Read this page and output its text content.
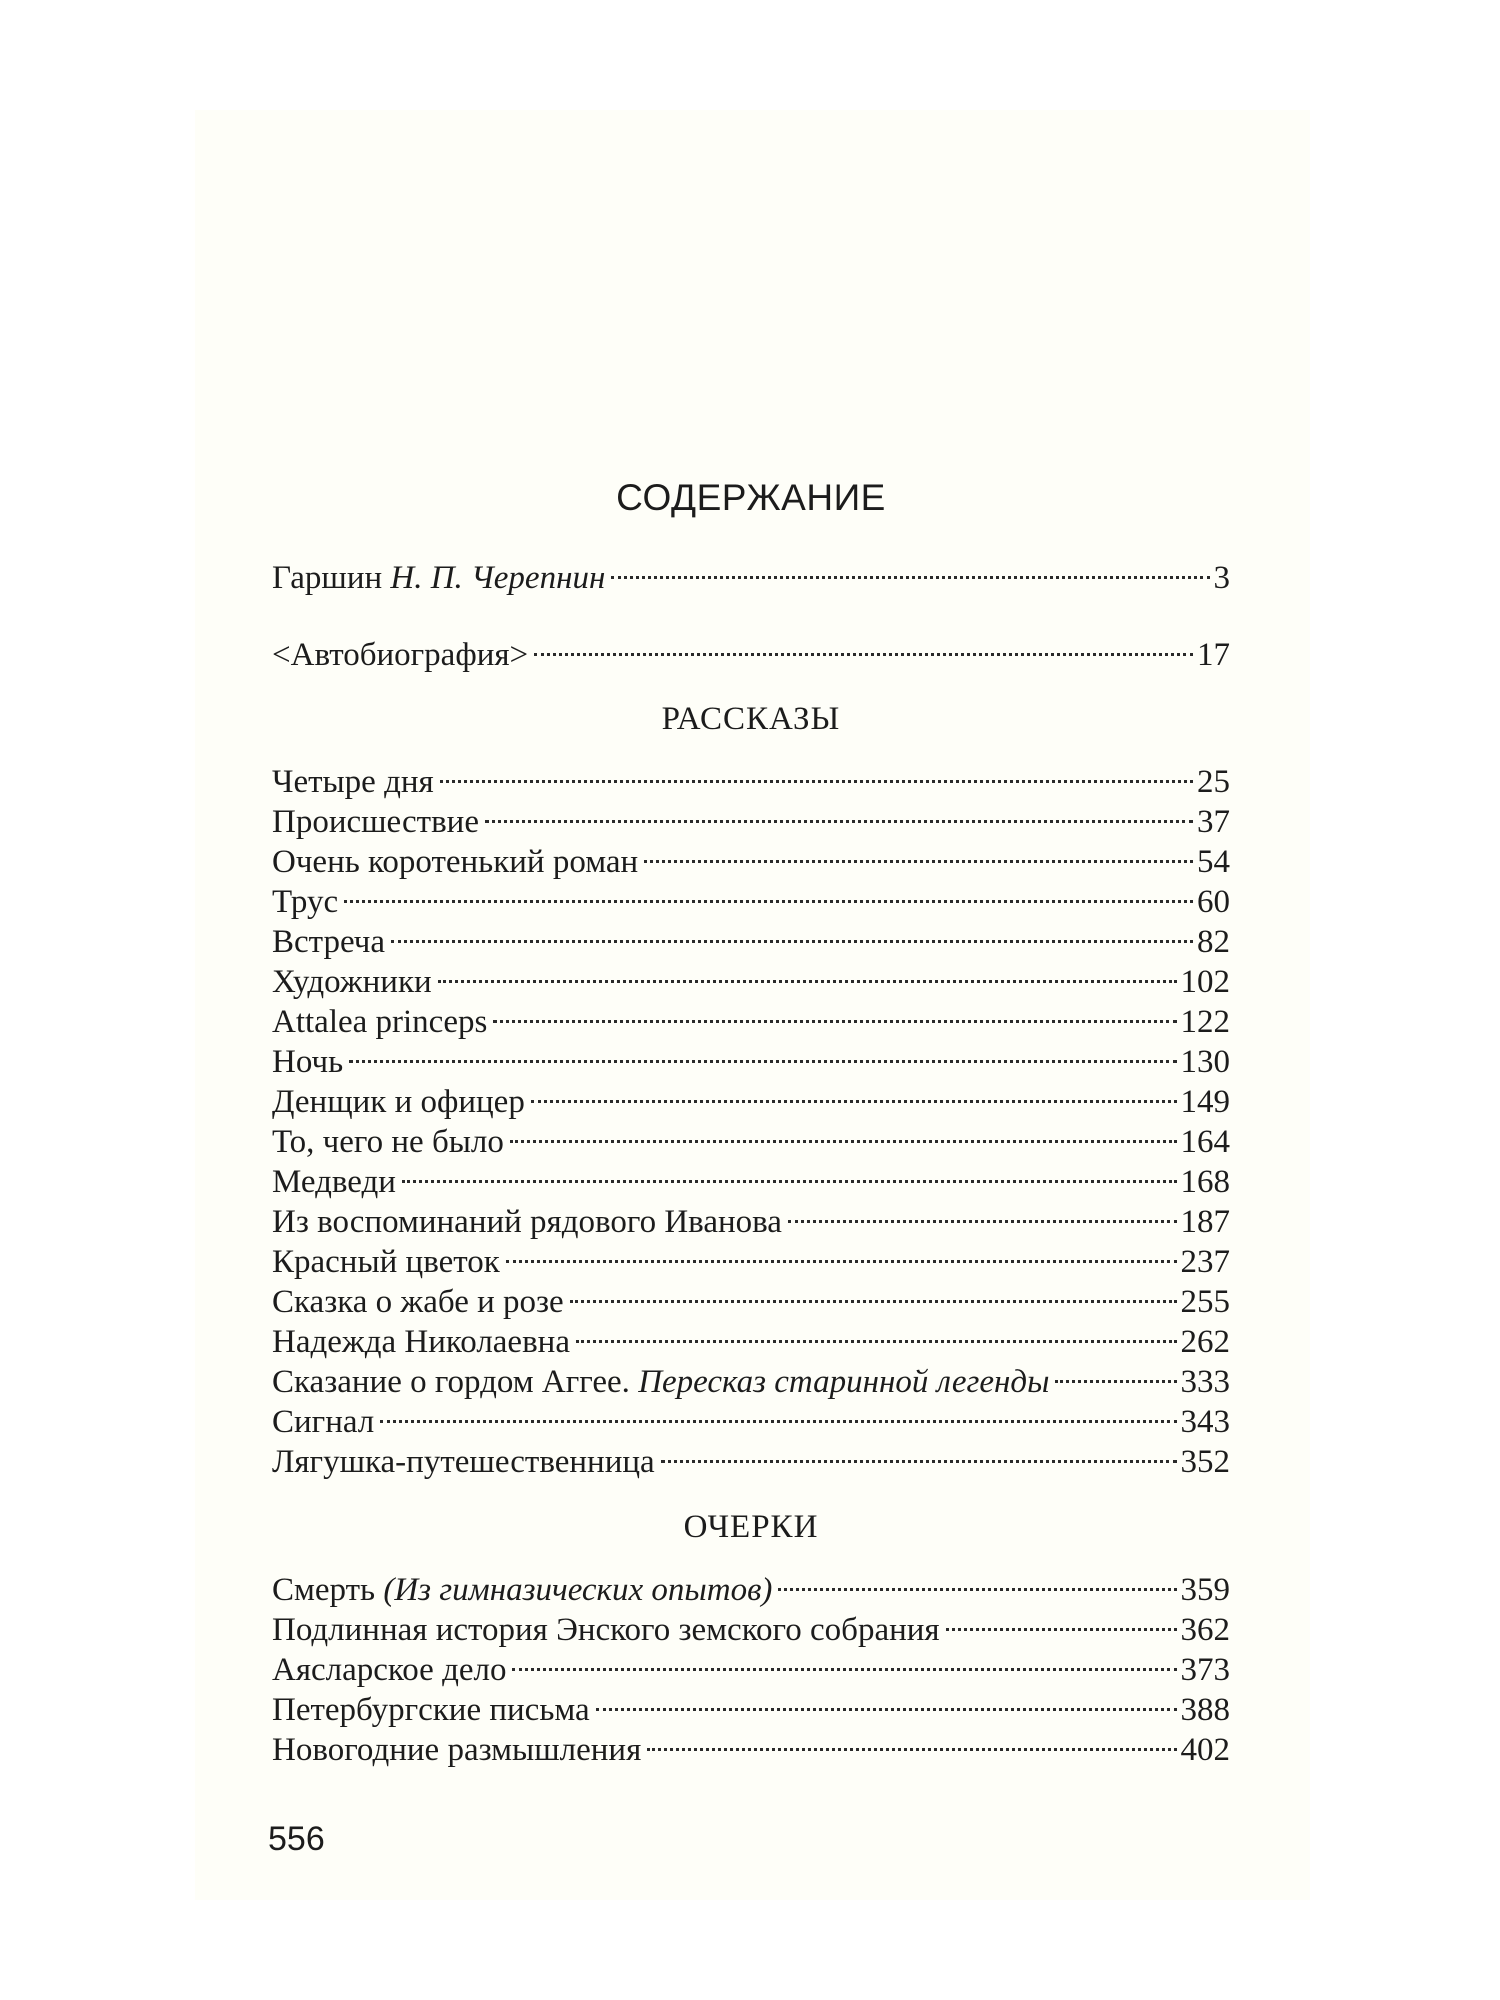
СОДЕРЖАНИЕ
Гаршин Н. П. Черепнин	3
<Автобиография>	17
РАССКАЗЫ
Четыре дня	25
Происшествие	37
Очень коротенький роман	54
Трус	60
Встреча	82
Художники	102
Attalea princeps	122
Ночь	130
Денщик и офицер	149
То, чего не было	164
Медведи	168
Из воспоминаний рядового Иванова	187
Красный цветок	237
Сказка о жабе и розе	255
Надежда Николаевна	262
Сказание о гордом Аггее. Пересказ старинной легенды	333
Сигнал	343
Лягушка-путешественница	352
ОЧЕРКИ
Смерть (Из гимназических опытов)	359
Подлинная история Энского земского собрания	362
Аясларское дело	373
Петербургские письма	388
Новогодние размышления	402
556
